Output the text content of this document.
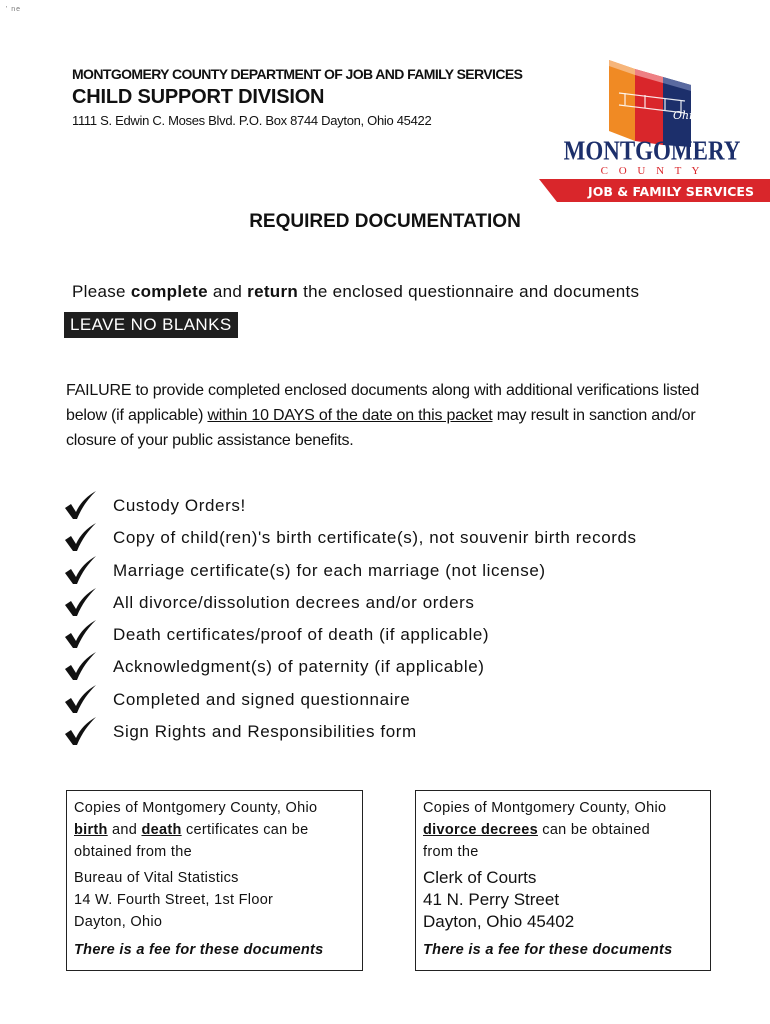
' ne
MONTGOMERY COUNTY DEPARTMENT OF JOB AND FAMILY SERVICES
CHILD SUPPORT DIVISION
1111 S. Edwin C. Moses Blvd. P.O. Box 8744 Dayton, Ohio 45422	Ohio
MONTGOMERY
C O U N T Y
JOB & FAMILY SERVICES
REQUIRED DOCUMENTATION
Please complete and return the enclosed questionnaire and documents
LEAVE NO BLANKS
FAILURE to provide completed enclosed documents along with additional verifications listed below (if applicable) within 10 DAYS of the date on this packet may result in sanction and/or closure of your public assistance benefits.
Custody Orders!
Copy of child(ren)'s birth certificate(s), not souvenir birth records
Marriage certificate(s) for each marriage (not license)
All divorce/dissolution decrees and/or orders
Death certificates/proof of death (if applicable)
Acknowledgment(s) of paternity (if applicable)
Completed and signed questionnaire
Sign Rights and Responsibilities form

Copies of Montgomery County, Ohio

birth and death certificates can be

obtained from the

Bureau of Vital Statistics

14 W. Fourth Street, 1st Floor

Dayton, Ohio

There is a fee for these documents

Copies of Montgomery County, Ohio

divorce decrees can be obtained

from the

Clerk of Courts

41 N. Perry Street

Dayton, Ohio 45402

There is a fee for these documents
